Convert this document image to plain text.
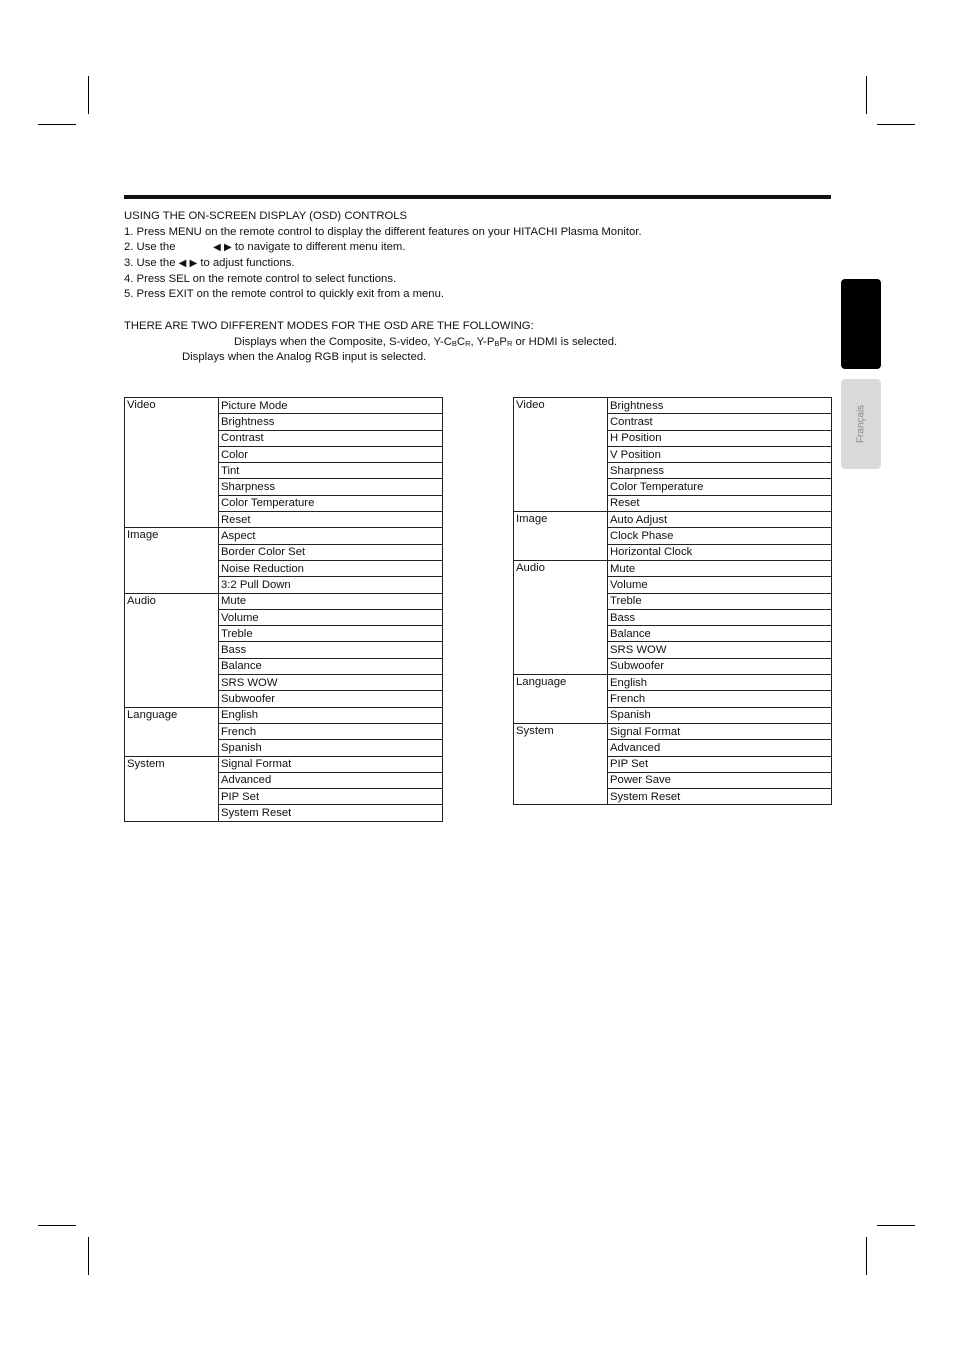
USING THE ON-SCREEN DISPLAY (OSD) CONTROLS
1. Press MENU on the remote control to display the different features on your HITACHI Plasma Monitor.
2. Use the	◀ ▶ to navigate to different menu item.
3. Use the ◀ ▶ to adjust functions.
4. Press SEL on the remote control to select functions.
5. Press EXIT on the remote control to quickly exit from a menu.
THERE ARE TWO DIFFERENT MODES FOR THE OSD ARE THE FOLLOWING:
Displays when the Composite, S-video, $Y-C_BC_R$, $Y-P_BP_R$ or HDMI is selected.
Displays when the Analog RGB input is selected.
Video	Picture Mode
	Brightness
	Contrast
	Color
	Tint
	Sharpness
	Color Temperature
	Reset
Image	Aspect
	Border Color Set
	Noise Reduction
	3:2 Pull Down
Audio	Mute
	Volume
	Treble
	Bass
	Balance
	SRS WOW
	Subwoofer
Language	English
	French
	Spanish
System	Signal Format
	Advanced
	PIP Set
	System Reset
Video	Brightness
	Contrast
	H Position
	V Position
	Sharpness
	Color Temperature
	Reset
Image	Auto Adjust
	Clock Phase
	Horizontal Clock
Audio	Mute
	Volume
	Treble
	Bass
	Balance
	SRS WOW
	Subwoofer
Language	English
	French
	Spanish
System	Signal Format
	Advanced
	PIP Set
	Power Save
	System Reset
Français
